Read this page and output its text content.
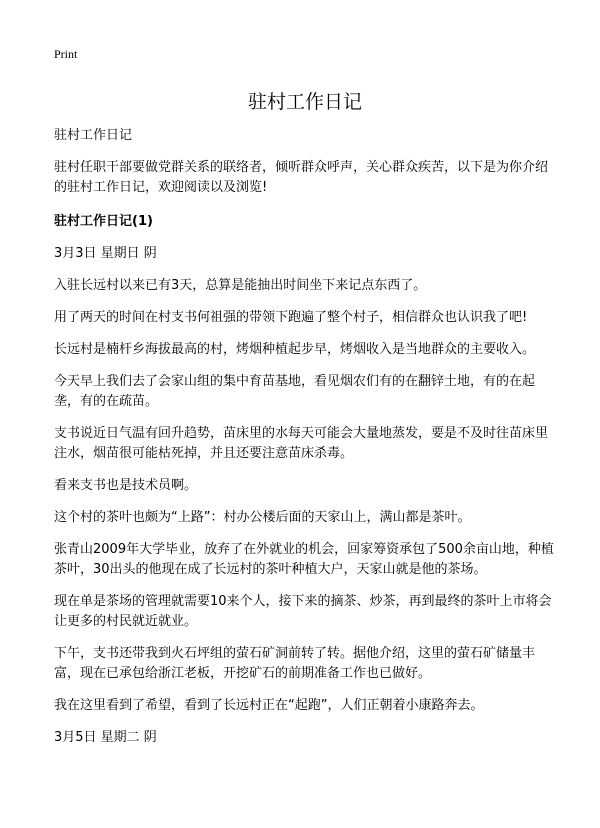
Print

驻村工作日记

驻村工作日记

驻村任职干部要做党群关系的联络者，倾听群众呼声，关心群众疾苦，以下是为你介绍的驻村工作日记，欢迎阅读以及浏览!

驻村工作日记(1)

3月3日 星期日 阴

入驻长远村以来已有3天，总算是能抽出时间坐下来记点东西了。

用了两天的时间在村支书何祖强的带领下跑遍了整个村子，相信群众也认识我了吧!

长远村是楠杆乡海拔最高的村，烤烟种植起步早，烤烟收入是当地群众的主要收入。

今天早上我们去了会家山组的集中育苗基地，看见烟农们有的在翻锌土地，有的在起垄，有的在疏苗。

支书说近日气温有回升趋势，苗床里的水每天可能会大量地蒸发，要是不及时往苗床里注水，烟苗很可能枯死掉，并且还要注意苗床杀毒。

看来支书也是技术员啊。

这个村的茶叶也颇为“上路”：村办公楼后面的天家山上，满山都是茶叶。

张青山2009年大学毕业，放弃了在外就业的机会，回家筹资承包了500余亩山地，种植茶叶，30出头的他现在成了长远村的茶叶种植大户，天家山就是他的茶场。

现在单是茶场的管理就需要10来个人，接下来的摘茶、炒茶，再到最终的茶叶上市将会让更多的村民就近就业。

下午，支书还带我到火石坪组的萤石矿洞前转了转。据他介绍，这里的萤石矿储量丰富，现在已承包给浙江老板，开挖矿石的前期准备工作也已做好。

我在这里看到了希望，看到了长远村正在“起跑”，人们正朝着小康路奔去。

3月5日 星期二 阴
